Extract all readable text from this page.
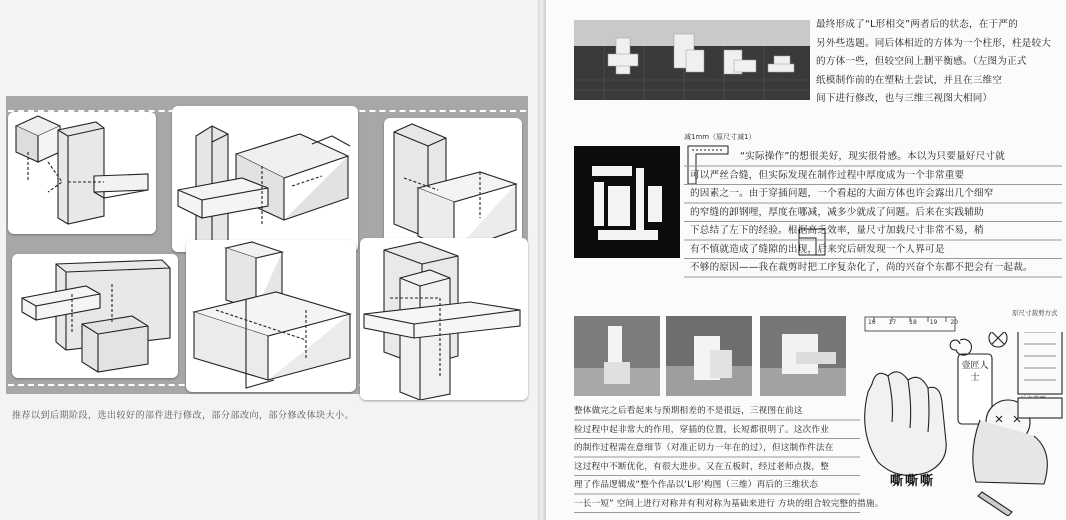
推荐以到后期阶段，选出较好的部件进行修改，部分部改向，部分修改体块大小。

最终形成了“L形相交”两者后的状态，在于严的

另外些选题。同后体相近的方体为一个柱形，柱是较大

的方体一些，但较空间上删平衡感。（左图为正式

纸模制作前的在塑粘土尝试，并且在三维空

间下进行修改，也与三维三视图大相同）

减1mm（原尺寸减1）

“实际操作”的想很美好，现实很骨感。本以为只要量好尺寸就

可以严丝合缝，但实际发现在制作过程中厚度成为一个非常重要

的因素之一。由于穿插问题，一个看起的大面方体也许会露出几个细窄

的窄缝的卸钢哩，厚度在哪减，减多少就成了问题。后来在实践辅助

下总结了左下的经验。根据高乏效率，量尺寸加载尺寸非常不易，稍

有不慎就造成了缝隙的出现，后来究后研发现一个人界可是

不够的原因——我在裁剪时把工序复杂化了，尚的兴奋个东都不把会有一起裁。

16 17 18 19 20
原尺寸裁剪方式
壹匠人士
嘶嘶嘶

整体做完之后看起来与预期相差的不是很远，三视图在前这

检过程中起非常大的作用，穿插的位置，长短都很明了。这次作业

的制作过程需在意细节（对准正切力一年在的过），但这制作件法在

这过程中不断优化，有很大进步。又在五板时，经过老师点拨，整

理了作品逻辑成“整个作品以‘L形’构图（三维）再后的三维状态

一长一短” 空间上进行对称并有利对称为基础来进行 方块的组合较完整的措施。
